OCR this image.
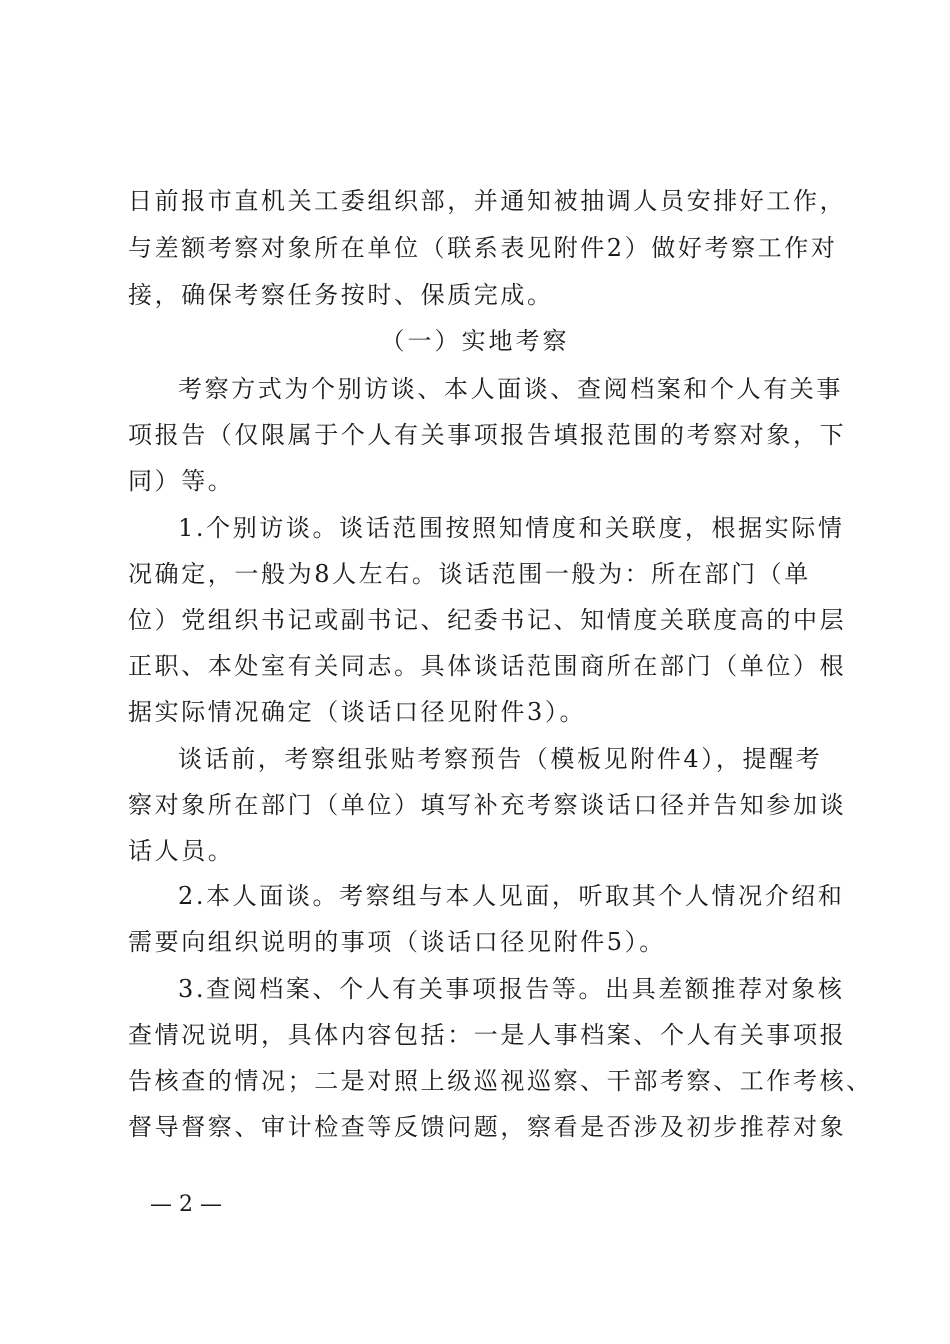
日前报市直机关工委组织部，并通知被抽调人员安排好工作，
与差额考察对象所在单位（联系表见附件2）做好考察工作对
接，确保考察任务按时、保质完成。
（一）实地考察
考察方式为个别访谈、本人面谈、查阅档案和个人有关事
项报告（仅限属于个人有关事项报告填报范围的考察对象，下
同）等。
1.个别访谈。谈话范围按照知情度和关联度，根据实际情
况确定，一般为8人左右。谈话范围一般为：所在部门（单
位）党组织书记或副书记、纪委书记、知情度关联度高的中层
正职、本处室有关同志。具体谈话范围商所在部门（单位）根
据实际情况确定（谈话口径见附件3）。
谈话前，考察组张贴考察预告（模板见附件4），提醒考
察对象所在部门（单位）填写补充考察谈话口径并告知参加谈
话人员。
2.本人面谈。考察组与本人见面，听取其个人情况介绍和
需要向组织说明的事项（谈话口径见附件5）。
3.查阅档案、个人有关事项报告等。出具差额推荐对象核
查情况说明，具体内容包括：一是人事档案、个人有关事项报
告核查的情况；二是对照上级巡视巡察、干部考察、工作考核、
督导督察、审计检查等反馈问题，察看是否涉及初步推荐对象
— 2 —
